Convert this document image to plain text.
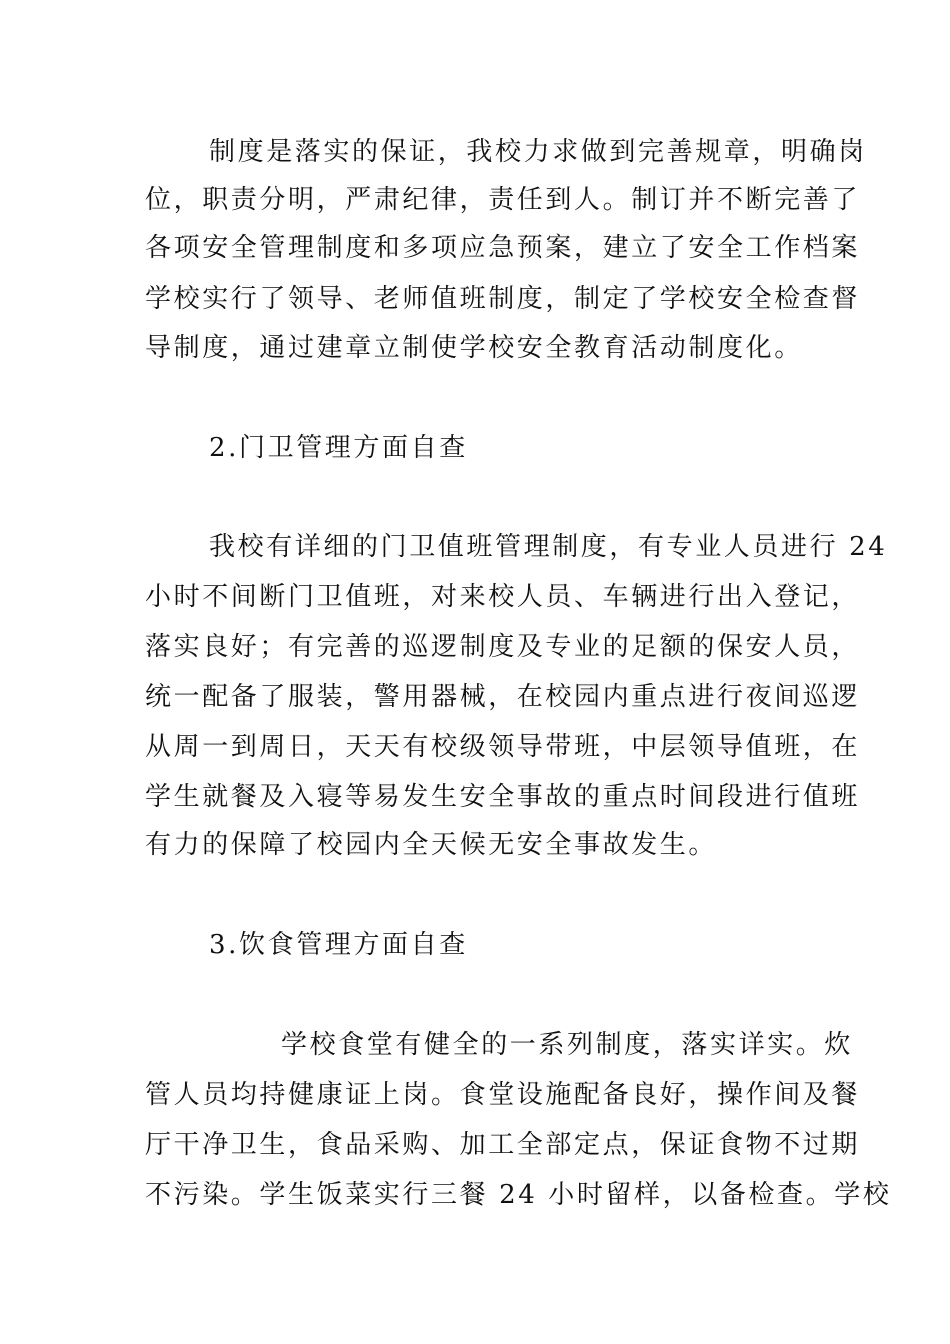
制度是落实的保证，我校力求做到完善规章，明确岗
位，职责分明，严肃纪律，责任到人。制订并不断完善了
各项安全管理制度和多项应急预案，建立了安全工作档案
学校实行了领导、老师值班制度，制定了学校安全检查督
导制度，通过建章立制使学校安全教育活动制度化。
2.门卫管理方面自查
我校有详细的门卫值班管理制度，有专业人员进行 24
小时不间断门卫值班，对来校人员、车辆进行出入登记，
落实良好；有完善的巡逻制度及专业的足额的保安人员，
统一配备了服装，警用器械，在校园内重点进行夜间巡逻
从周一到周日，天天有校级领导带班，中层领导值班，在
学生就餐及入寝等易发生安全事故的重点时间段进行值班
有力的保障了校园内全天候无安全事故发生。
3.饮食管理方面自查
学校食堂有健全的一系列制度，落实详实。炊
管人员均持健康证上岗。食堂设施配备良好，操作间及餐
厅干净卫生，食品采购、加工全部定点，保证食物不过期
不污染。学生饭菜实行三餐 24 小时留样，以备检查。学校
